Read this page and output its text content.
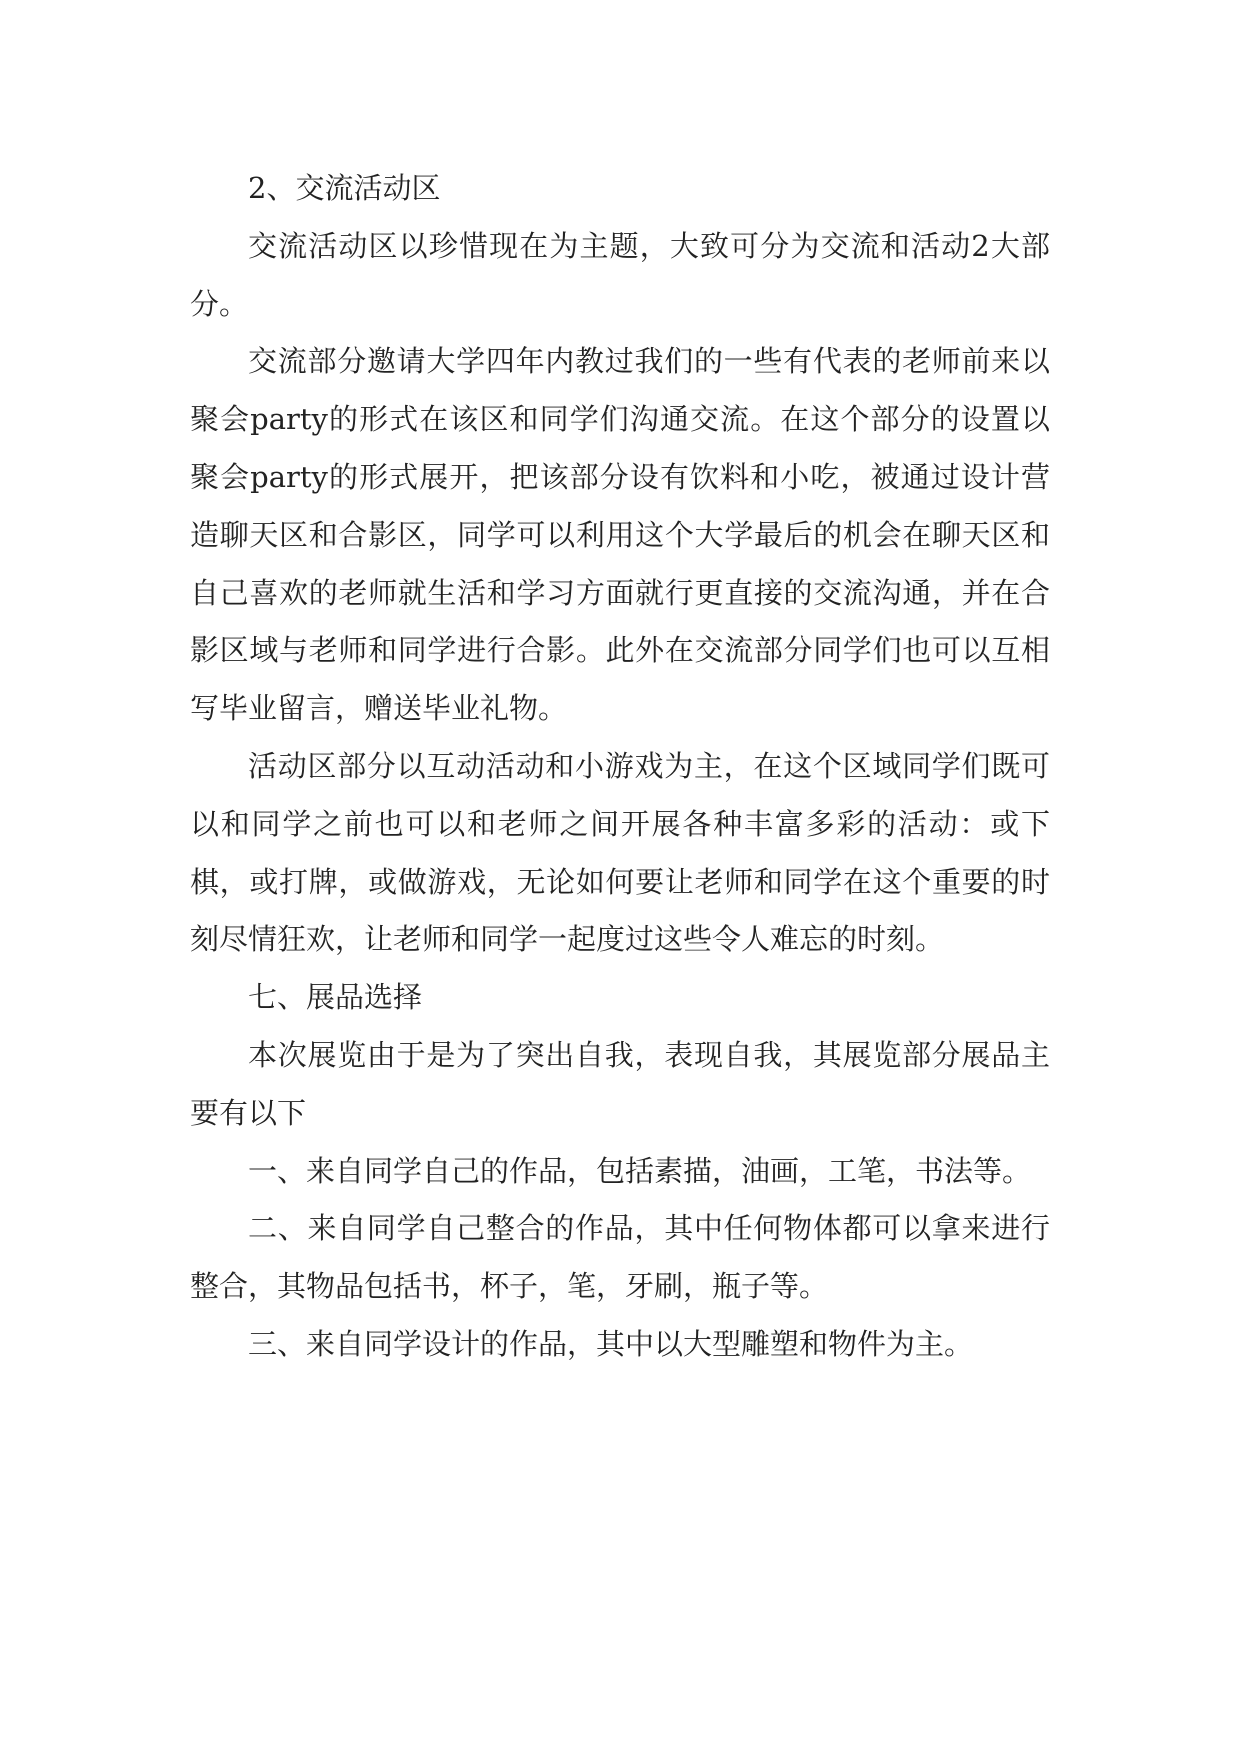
2、交流活动区

交流活动区以珍惜现在为主题，大致可分为交流和活动2大部分。

交流部分邀请大学四年内教过我们的一些有代表的老师前来以聚会party的形式在该区和同学们沟通交流。在这个部分的设置以聚会party的形式展开，把该部分设有饮料和小吃，被通过设计营造聊天区和合影区，同学可以利用这个大学最后的机会在聊天区和自己喜欢的老师就生活和学习方面就行更直接的交流沟通，并在合影区域与老师和同学进行合影。此外在交流部分同学们也可以互相写毕业留言，赠送毕业礼物。

活动区部分以互动活动和小游戏为主，在这个区域同学们既可以和同学之前也可以和老师之间开展各种丰富多彩的活动：或下棋，或打牌，或做游戏，无论如何要让老师和同学在这个重要的时刻尽情狂欢，让老师和同学一起度过这些令人难忘的时刻。

七、展品选择

本次展览由于是为了突出自我，表现自我，其展览部分展品主要有以下

一、来自同学自己的作品，包括素描，油画，工笔，书法等。

二、来自同学自己整合的作品，其中任何物体都可以拿来进行整合，其物品包括书，杯子，笔，牙刷，瓶子等。

三、来自同学设计的作品，其中以大型雕塑和物件为主。
